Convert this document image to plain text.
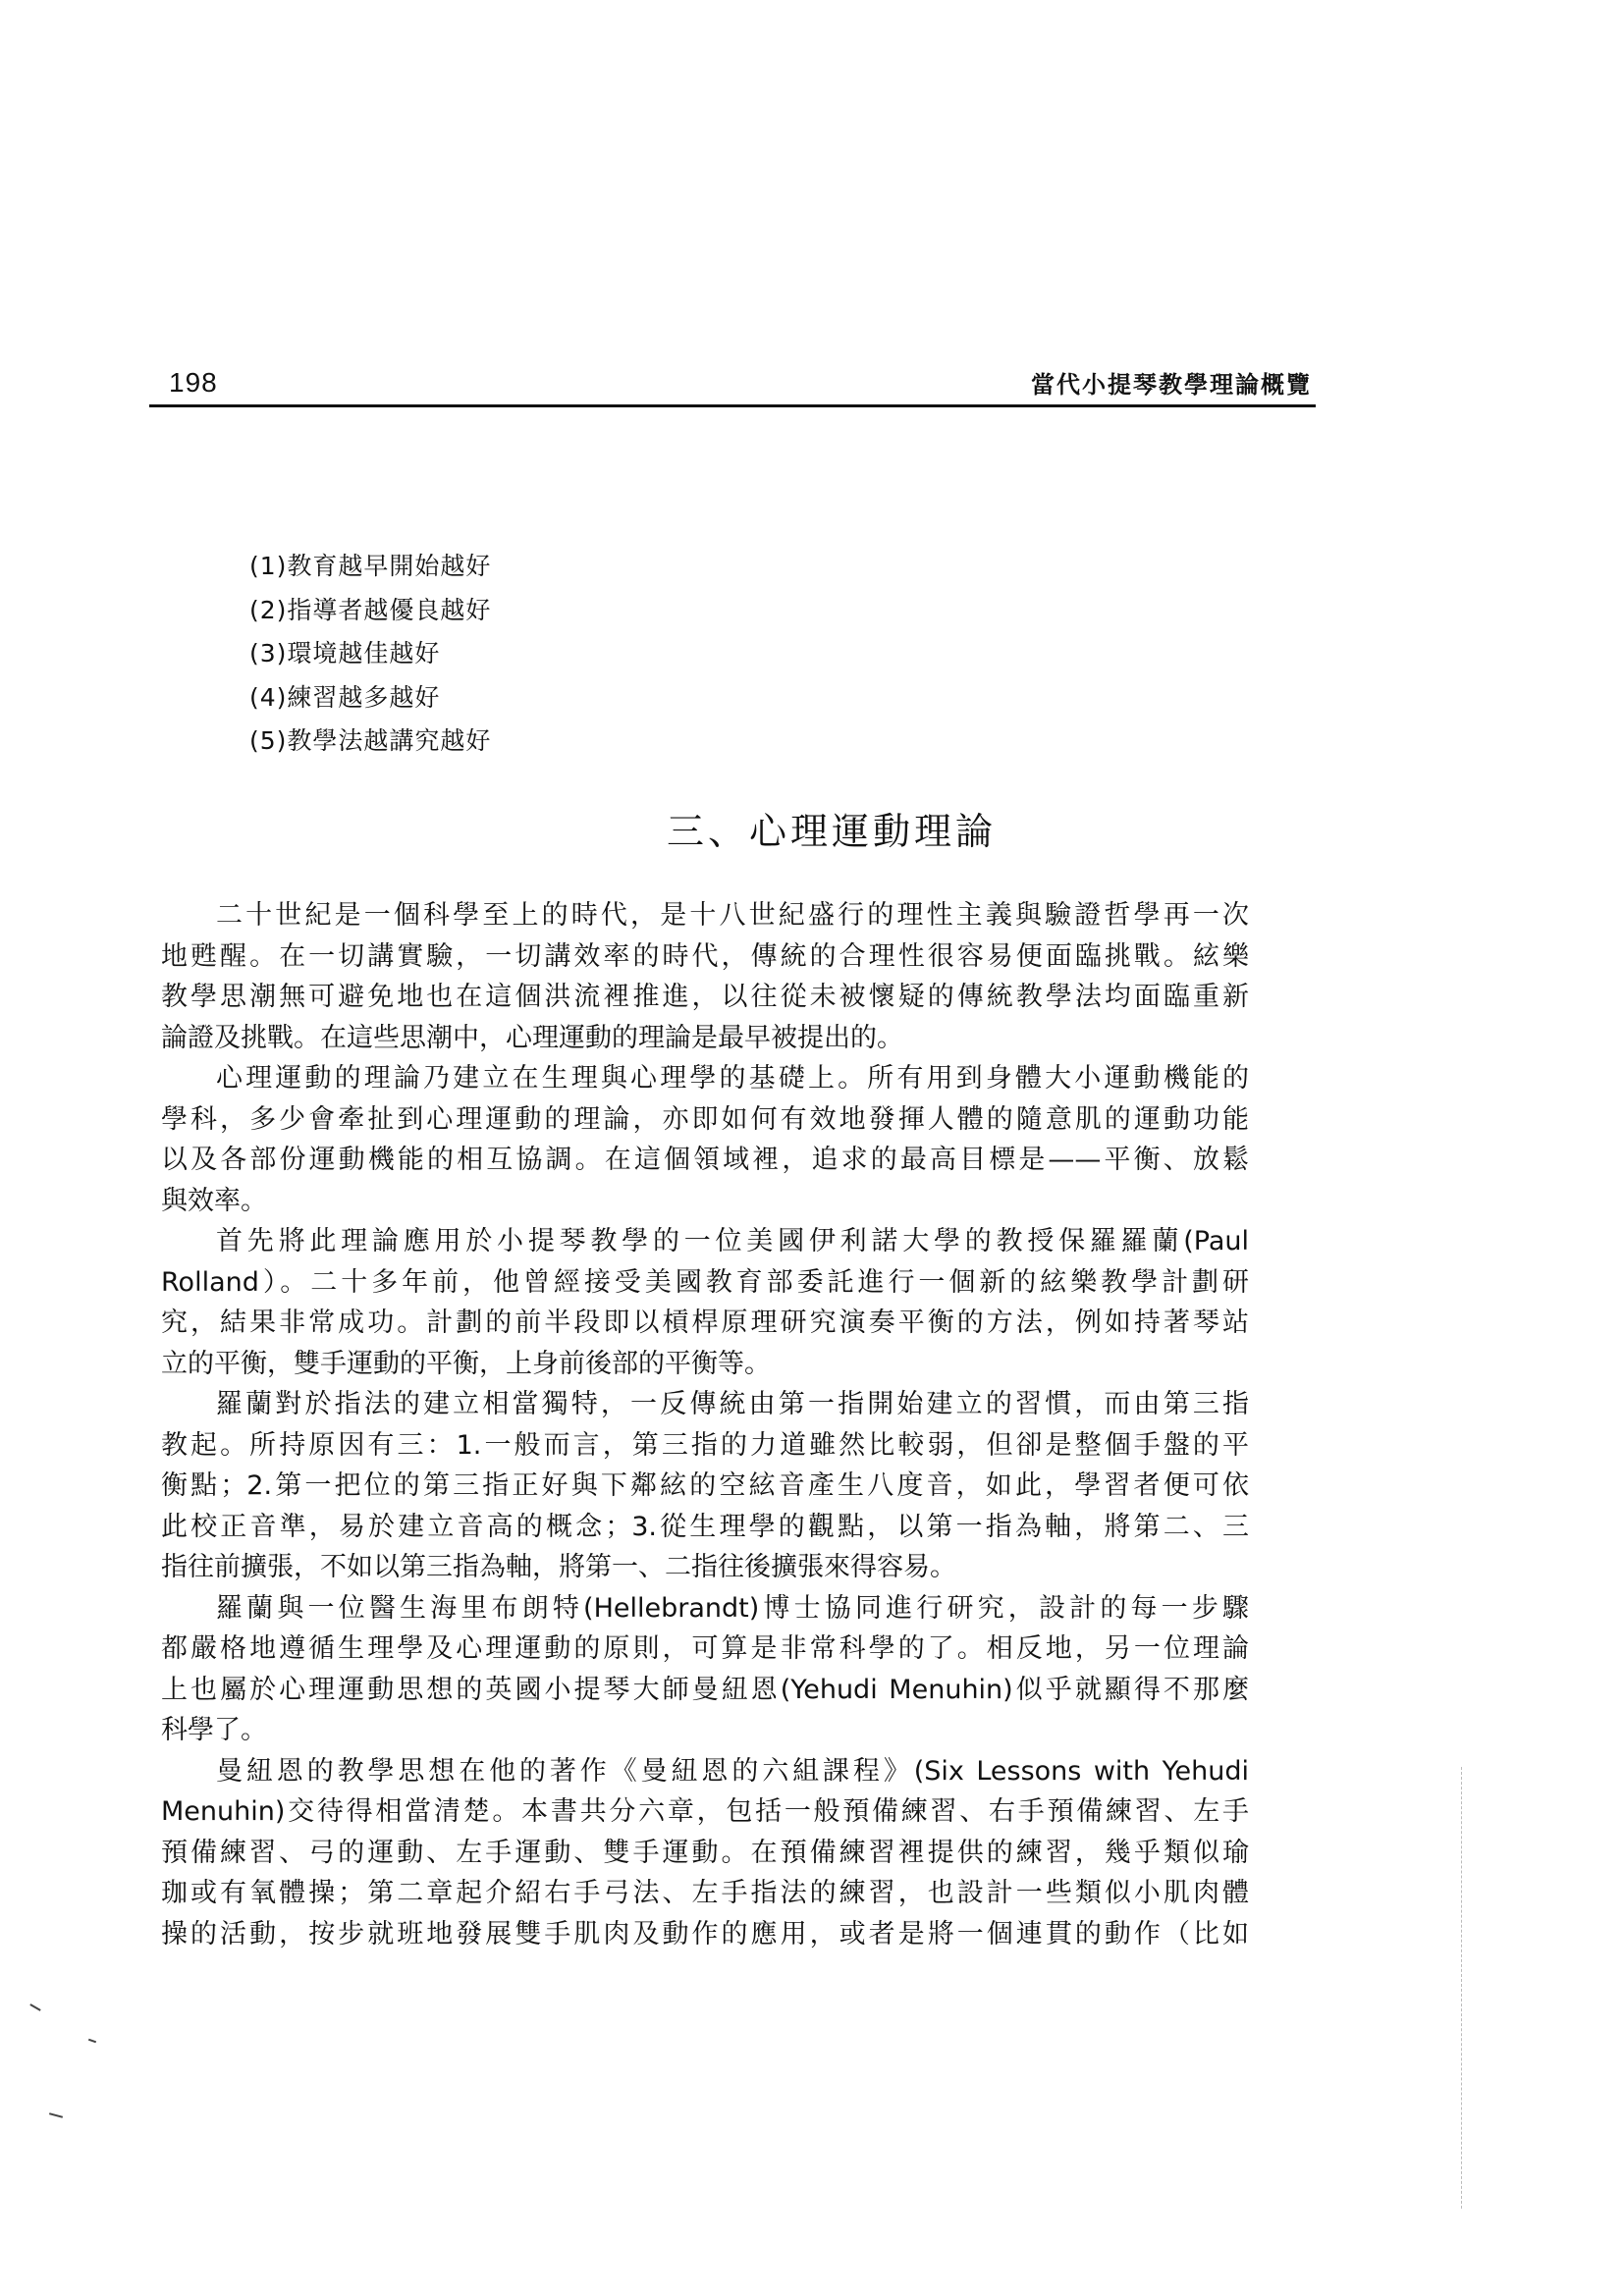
198	當代小提琴教學理論概覽
(1)教育越早開始越好
(2)指導者越優良越好
(3)環境越佳越好
(4)練習越多越好
(5)教學法越講究越好
三、心理運動理論
二十世紀是一個科學至上的時代，是十八世紀盛行的理性主義與驗證哲學再一次
地甦醒。在一切講實驗，一切講效率的時代，傳統的合理性很容易便面臨挑戰。絃樂
教學思潮無可避免地也在這個洪流裡推進，以往從未被懷疑的傳統教學法均面臨重新
論證及挑戰。在這些思潮中，心理運動的理論是最早被提出的。
心理運動的理論乃建立在生理與心理學的基礎上。所有用到身體大小運動機能的
學科，多少會牽扯到心理運動的理論，亦即如何有效地發揮人體的隨意肌的運動功能
以及各部份運動機能的相互協調。在這個領域裡，追求的最高目標是——平衡、放鬆
與效率。
首先將此理論應用於小提琴教學的一位美國伊利諾大學的教授保羅羅蘭(Paul
Rolland）。二十多年前，他曾經接受美國教育部委託進行一個新的絃樂教學計劃研
究，結果非常成功。計劃的前半段即以槓桿原理研究演奏平衡的方法，例如持著琴站
立的平衡，雙手運動的平衡，上身前後部的平衡等。
羅蘭對於指法的建立相當獨特，一反傳統由第一指開始建立的習慣，而由第三指
教起。所持原因有三：1.一般而言，第三指的力道雖然比較弱，但卻是整個手盤的平
衡點；2.第一把位的第三指正好與下鄰絃的空絃音產生八度音，如此，學習者便可依
此校正音準，易於建立音高的概念；3.從生理學的觀點，以第一指為軸，將第二、三
指往前擴張，不如以第三指為軸，將第一、二指往後擴張來得容易。
羅蘭與一位醫生海里布朗特(Hellebrandt)博士協同進行研究，設計的每一步驟
都嚴格地遵循生理學及心理運動的原則，可算是非常科學的了。相反地，另一位理論
上也屬於心理運動思想的英國小提琴大師曼紐恩(Yehudi Menuhin)似乎就顯得不那麼
科學了。
曼紐恩的教學思想在他的著作《曼紐恩的六組課程》(Six Lessons with Yehudi
Menuhin)交待得相當清楚。本書共分六章，包括一般預備練習、右手預備練習、左手
預備練習、弓的運動、左手運動、雙手運動。在預備練習裡提供的練習，幾乎類似瑜
珈或有氧體操；第二章起介紹右手弓法、左手指法的練習，也設計一些類似小肌肉體
操的活動，按步就班地發展雙手肌肉及動作的應用，或者是將一個連貫的動作（比如
